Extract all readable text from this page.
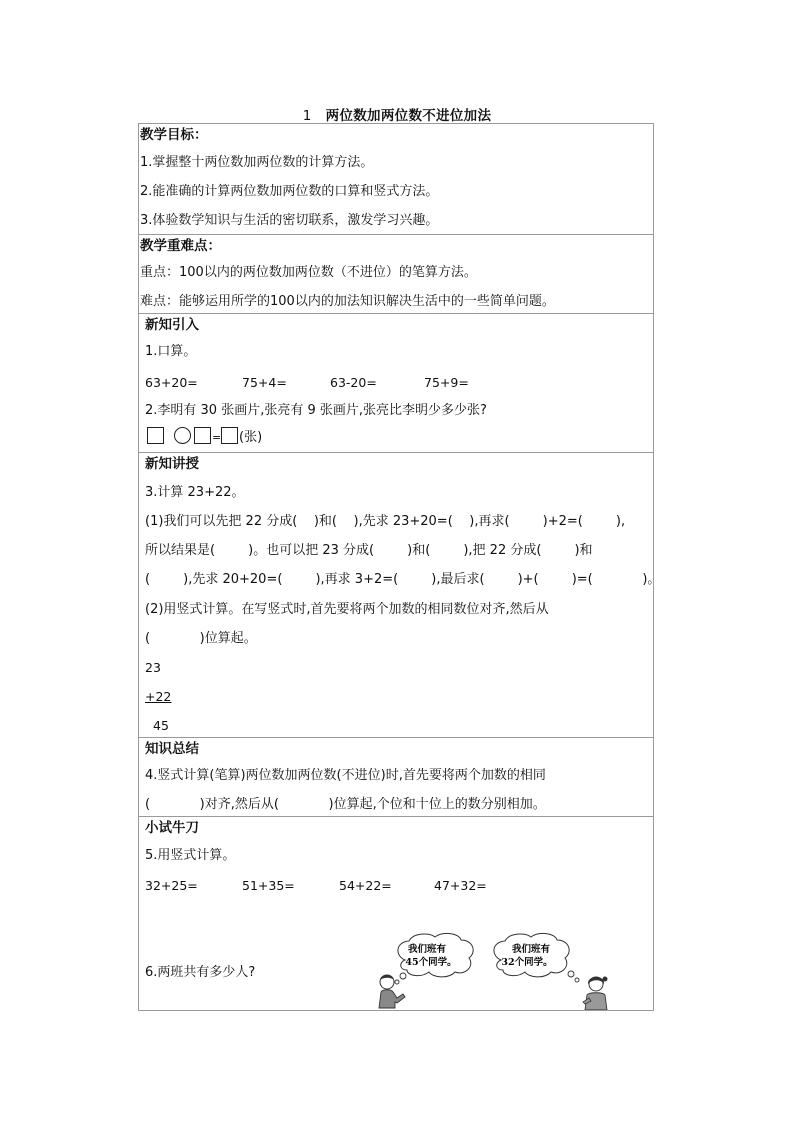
1 两位数加两位数不进位加法
教学目标：
1.掌握整十两位数加两位数的计算方法。
2.能准确的计算两位数加两位数的口算和竖式方法。
3.体验数学知识与生活的密切联系，激发学习兴趣。
教学重难点：
重点：100以内的两位数加两位数（不进位）的笔算方法。
难点：能够运用所学的100以内的加法知识解决生活中的一些简单问题。
新知引入
1.口算。
63+20=	75+4=	63-20=	75+9=
2.李明有 30 张画片,张亮有 9 张画片,张亮比李明少多少张?
= (张)
新知讲授
3.计算 23+22。
(1)我们可以先把 22 分成(    )和(    ),先求 23+20=(    ),再求(        )+2=(        ),
所以结果是(        )。也可以把 23 分成(        )和(        ),把 22 分成(        )和
(        ),先求 20+20=(        ),再求 3+2=(        ),最后求(        )+(        )=(            )。
(2)用竖式计算。在写竖式时,首先要将两个加数的相同数位对齐,然后从
(            )位算起。
23
+22
45
知识总结
4.竖式计算(笔算)两位数加两位数(不进位)时,首先要将两个加数的相同
(            )对齐,然后从(            )位算起,个位和十位上的数分别相加。
小试牛刀
5.用竖式计算。
32+25=	51+35=	54+22=	47+32=
6.两班共有多少人?
我们班有
45个同学。
我们班有
32个同学。
